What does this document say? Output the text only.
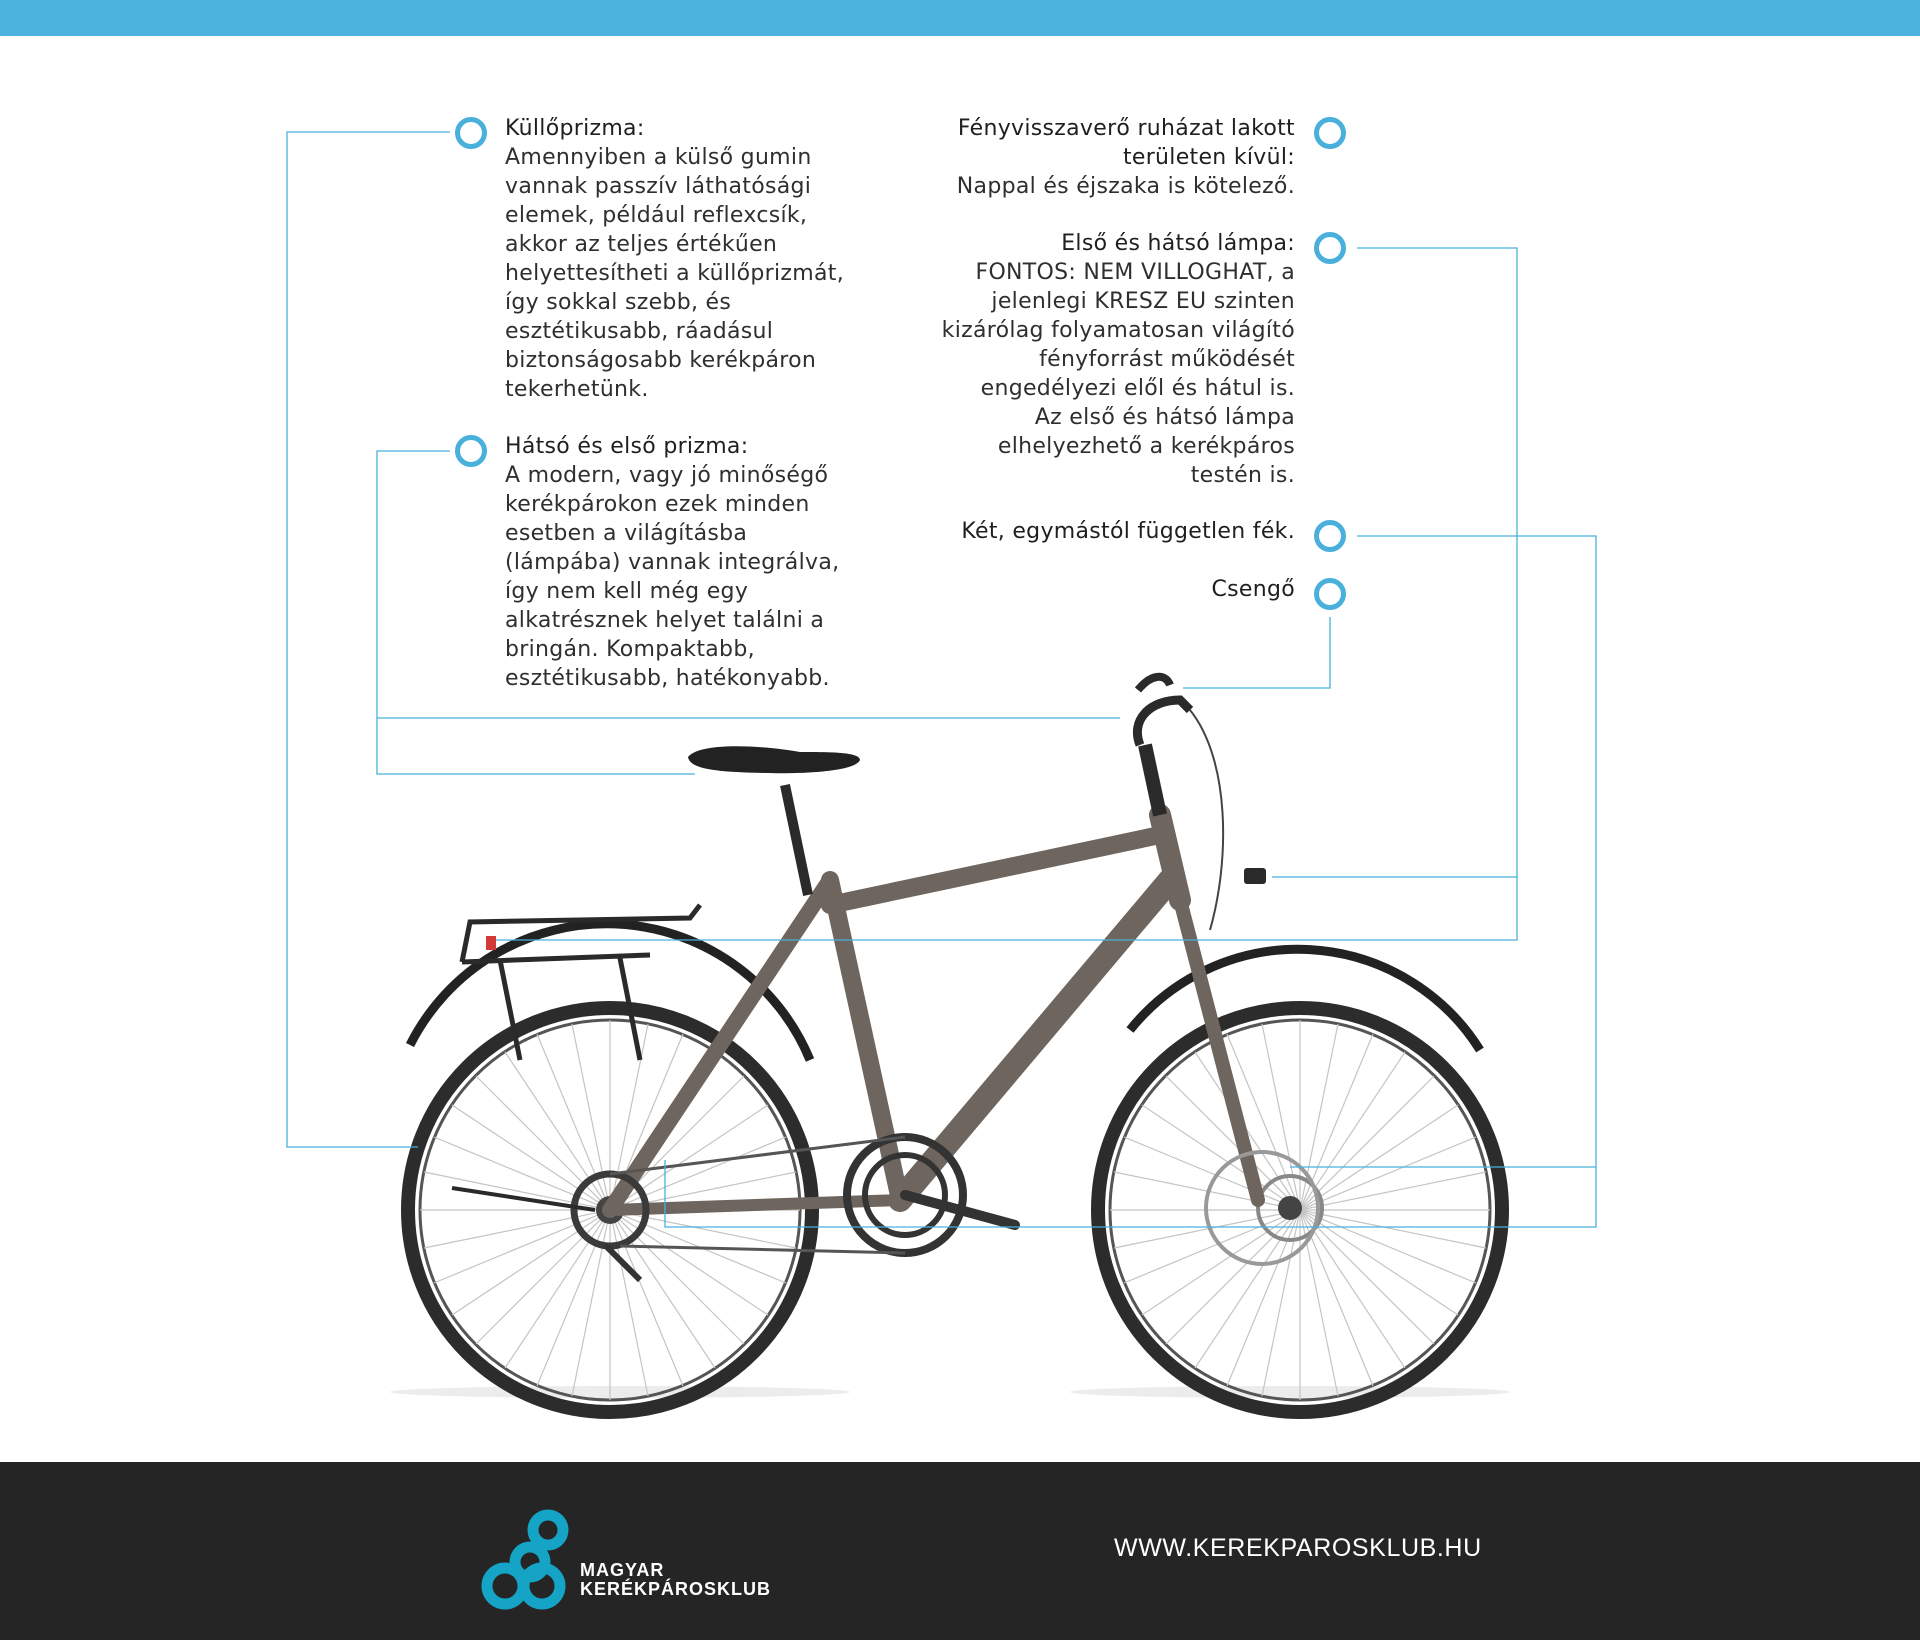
Küllőprizma:
Amennyiben a külső gumin
vannak passzív láthatósági
elemek, például reflexcsík,
akkor az teljes értékűen
helyettesítheti a küllőprizmát,
így sokkal szebb, és
esztétikusabb, ráadásul
biztonságosabb kerékpáron
tekerhetünk.
Hátsó és első prizma:
A modern, vagy jó minőségő
kerékpárokon ezek minden
esetben a világításba
(lámpába) vannak integrálva,
így nem kell még egy
alkatrésznek helyet találni a
bringán. Kompaktabb,
esztétikusabb, hatékonyabb.
Fényvisszaverő ruházat lakott
területen kívül:
Nappal és éjszaka is kötelező.
Első és hátsó lámpa:
FONTOS: NEM VILLOGHAT, a
jelenlegi KRESZ EU szinten
kizárólag folyamatosan világító
fényforrást működését
engedélyezi elől és hátul is.
Az első és hátsó lámpa
elhelyezhető a kerékpáros
testén is.
Két, egymástól független fék.
Csengő
MAGYAR
KERÉKPÁROSKLUB
WWW.KEREKPAROSKLUB.HU
